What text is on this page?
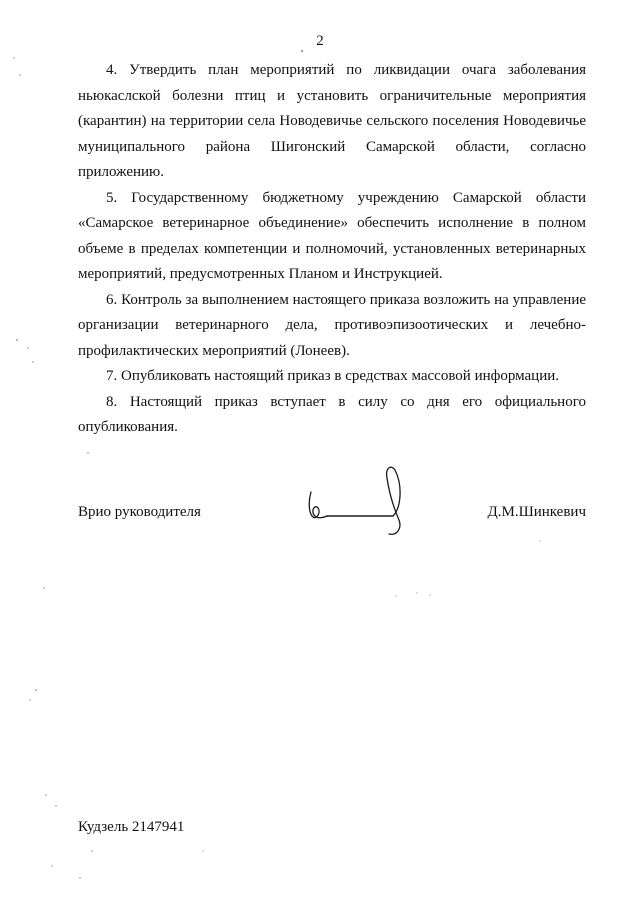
2

4. Утвердить план мероприятий по ликвидации очага заболевания ньюкаслской болезни птиц и установить ограничительные мероприятия (карантин) на территории села Новодевичье сельского поселения Новодевичье муниципального района Шигонский Самарской области, согласно приложению.

5. Государственному бюджетному учреждению Самарской области «Самарское ветеринарное объединение» обеспечить исполнение в полном объеме в пределах компетенции и полномочий, установленных ветеринарных мероприятий, предусмотренных Планом и Инструкцией.

6. Контроль за выполнением настоящего приказа возложить на управление организации ветеринарного дела, противоэпизоотических и лечебно-профилактических мероприятий (Лонеев).

7. Опубликовать настоящий приказ в средствах массовой информации.

8. Настоящий приказ вступает в силу со дня его официального опубликования.

Врио руководителя	Д.М.Шинкевич
Кудзель 2147941
